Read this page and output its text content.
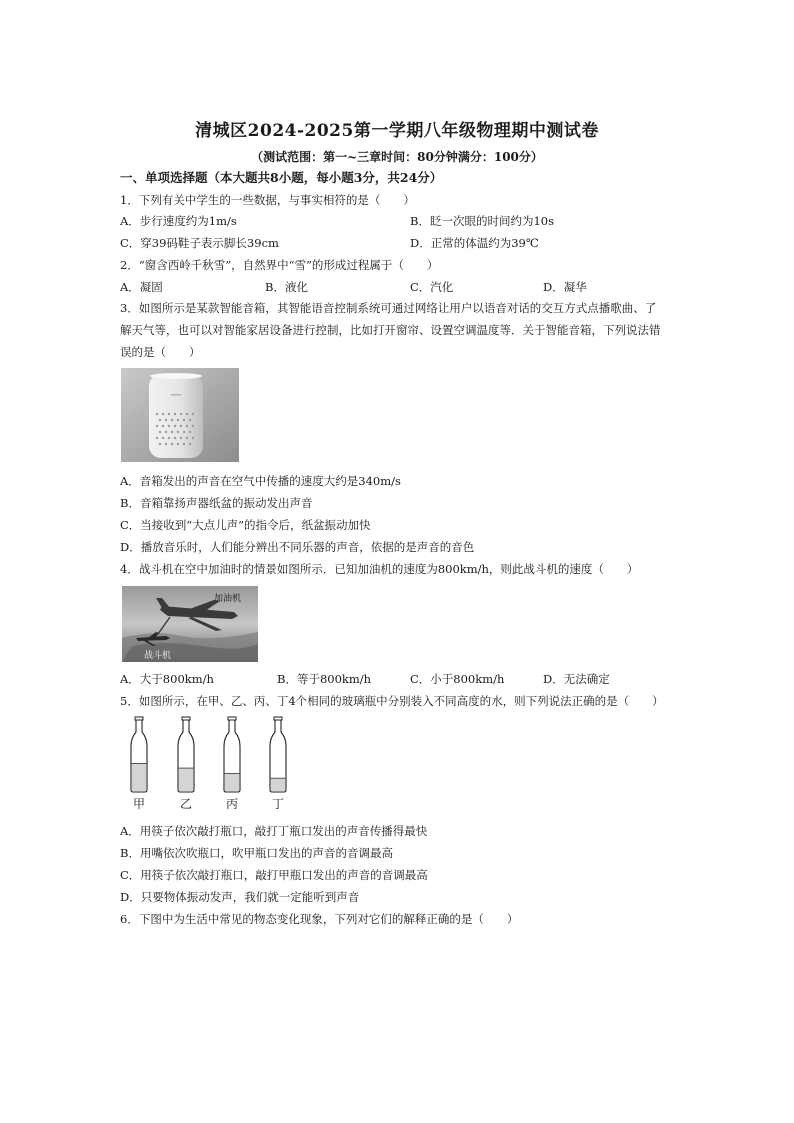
清城区2024-2025第一学期八年级物理期中测试卷
（测试范围：第一~三章时间：80分钟满分：100分）
一、单项选择题（本大题共8小题，每小题3分，共24分）
1．下列有关中学生的一些数据，与事实相符的是（　　）
A．步行速度约为1m/s	B．眨一次眼的时间约为10s
C．穿39码鞋子表示脚长39cm	D．正常的体温约为39℃
2．“窗含西岭千秋雪”，自然界中“雪”的形成过程属于（　　）
A．凝固	B．液化	C．汽化	D．凝华
3．如图所示是某款智能音箱，其智能语音控制系统可通过网络让用户以语音对话的交互方式点播歌曲、了
解天气等，也可以对智能家居设备进行控制，比如打开窗帘、设置空调温度等．关于智能音箱，下列说法错
误的是（　　）
A．音箱发出的声音在空气中传播的速度大约是340m/s
B．音箱靠扬声器纸盆的振动发出声音
C．当接收到“大点儿声”的指令后，纸盆振动加快
D．播放音乐时，人们能分辨出不同乐器的声音，依据的是声音的音色
4．战斗机在空中加油时的情景如图所示．已知加油机的速度为800km/h，则此战斗机的速度（　　）
加油机
战斗机
A．大于800km/h	B．等于800km/h	C．小于800km/h	D．无法确定
5．如图所示，在甲、乙、丙、丁4个相同的玻璃瓶中分别装入不同高度的水，则下列说法正确的是（　　）
甲	乙	丙	丁
A．用筷子依次敲打瓶口，敲打丁瓶口发出的声音传播得最快
B．用嘴依次吹瓶口，吹甲瓶口发出的声音的音调最高
C．用筷子依次敲打瓶口，敲打甲瓶口发出的声音的音调最高
D．只要物体振动发声，我们就一定能听到声音
6．下图中为生活中常见的物态变化现象，下列对它们的解释正确的是（　　）
